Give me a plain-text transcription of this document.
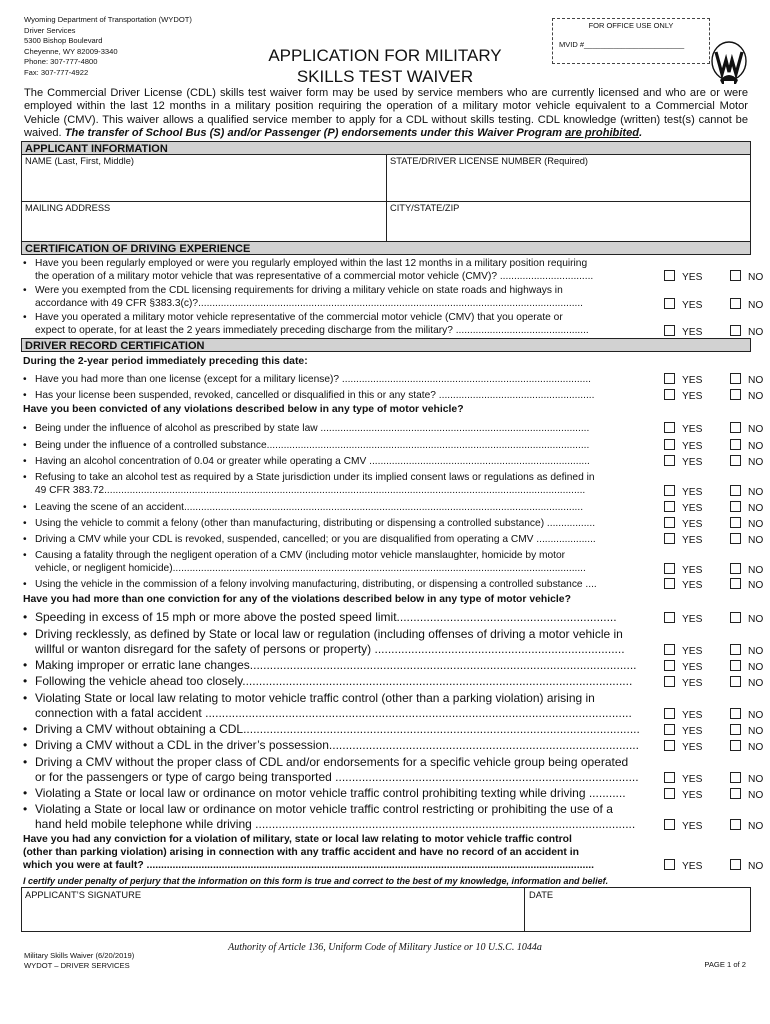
Wyoming Department of Transportation (WYDOT)
Driver Services
5300 Bishop Boulevard
Cheyenne, WY 82009-3340
Phone: 307-777-4800
Fax: 307-777-4922
APPLICATION FOR MILITARY
SKILLS TEST WAIVER
FOR OFFICE USE ONLY
MVID #________________________
The Commercial Driver License (CDL) skills test waiver form may be used by service members who are currently licensed and who are or were employed within the last 12 months in a military position requiring the operation of a military motor vehicle equivalent to a Commercial Motor Vehicle (CMV). This waiver allows a qualified service member to apply for a CDL without skills testing. CDL knowledge (written) test(s) cannot be waived. The transfer of School Bus (S) and/or Passenger (P) endorsements under this Waiver Program are prohibited.
APPLICANT INFORMATION
NAME (Last, First, Middle)	STATE/DRIVER LICENSE NUMBER (Required)
MAILING ADDRESS	CITY/STATE/ZIP
CERTIFICATION OF DRIVING EXPERIENCE
• Have you been regularly employed or were you regularly employed within the last 12 months in a military position requiring
the operation of a military motor vehicle that was representative of a commercial motor vehicle (CMV)? .................................	YES	NO
• Were you exempted from the CDL licensing requirements for driving a military vehicle on state roads and highways in
accordance with 49 CFR §383.3(c)?........................................................................................................................................	YES	NO
• Have you operated a military motor vehicle representative of the commercial motor vehicle (CMV) that you operate or
expect to operate, for at least the 2 years immediately preceding discharge from the military? ...............................................	YES	NO
DRIVER RECORD CERTIFICATION
During the 2-year period immediately preceding this date:
• Have you had more than one license (except for a military license)? ........................................................................................	YES	NO
• Has your license been suspended, revoked, cancelled or disqualified in this or any state? .......................................................	YES	NO
Have you been convicted of any violations described below in any type of motor vehicle?
• Being under the influence of alcohol as prescribed by state law ...............................................................................................	YES	NO
• Being under the influence of a controlled substance..................................................................................................................	YES	NO
• Having an alcohol concentration of 0.04 or greater while operating a CMV ..............................................................................	YES	NO
• Refusing to take an alcohol test as required by a State jurisdiction under its implied consent laws or regulations as defined in
49 CFR 383.72..........................................................................................................................................................................	YES	NO
• Leaving the scene of an accident.............................................................................................................................................	YES	NO
• Using the vehicle to commit a felony (other than manufacturing, distributing or dispensing a controlled substance) .................	YES	NO
• Driving a CMV while your CDL is revoked, suspended, cancelled; or you are disqualified from operating a CMV .....................	YES	NO
• Causing a fatality through the negligent operation of a CMV (including motor vehicle manslaughter, homicide by motor
vehicle, or negligent homicide)..................................................................................................................................................	YES	NO
• Using the vehicle in the commission of a felony involving manufacturing, distributing, or dispensing a controlled substance ....	YES	NO
Have you had more than one conviction for any of the violations described below in any type of motor vehicle?
• Speeding in excess of 15 mph or more above the posted speed limit..................................................................	YES	NO
• Driving recklessly, as defined by State or local law or regulation (including offenses of driving a motor vehicle in
willful or wanton disregard for the safety of persons or property) ...........................................................................	YES	NO
• Making improper or erratic lane changes....................................................................................................................	YES	NO
• Following the vehicle ahead too closely.....................................................................................................................	YES	NO
• Violating State or local law relating to motor vehicle traffic control (other than a parking violation) arising in
connection with a fatal accident ................................................................................................................................	YES	NO
• Driving a CMV without obtaining a CDL.......................................................................................................................	YES	NO
• Driving a CMV without a CDL in the driver’s possession.............................................................................................	YES	NO
• Driving a CMV without the proper class of CDL and/or endorsements for a specific vehicle group being operated
or for the passengers or type of cargo being transported ...........................................................................................	YES	NO
• Violating a State or local law or ordinance on motor vehicle traffic control prohibiting texting while driving ...........	YES	NO
• Violating a State or local law or ordinance on motor vehicle traffic control restricting or prohibiting the use of a
hand held mobile telephone while driving ..................................................................................................................	YES	NO
Have you had any conviction for a violation of military, state or local law relating to motor vehicle traffic control
(other than parking violation) arising in connection with any traffic accident and have no record of an accident in
which you were at fault? ...........................................................................................................................................................	YES	NO
I certify under penalty of perjury that the information on this form is true and correct to the best of my knowledge, information and belief.
APPLICANT’S SIGNATURE	DATE
Authority of Article 136, Uniform Code of Military Justice or 10 U.S.C. 1044a
Military Skills Waiver (6/20/2019)
WYDOT – DRIVER SERVICES	PAGE 1 of 2
